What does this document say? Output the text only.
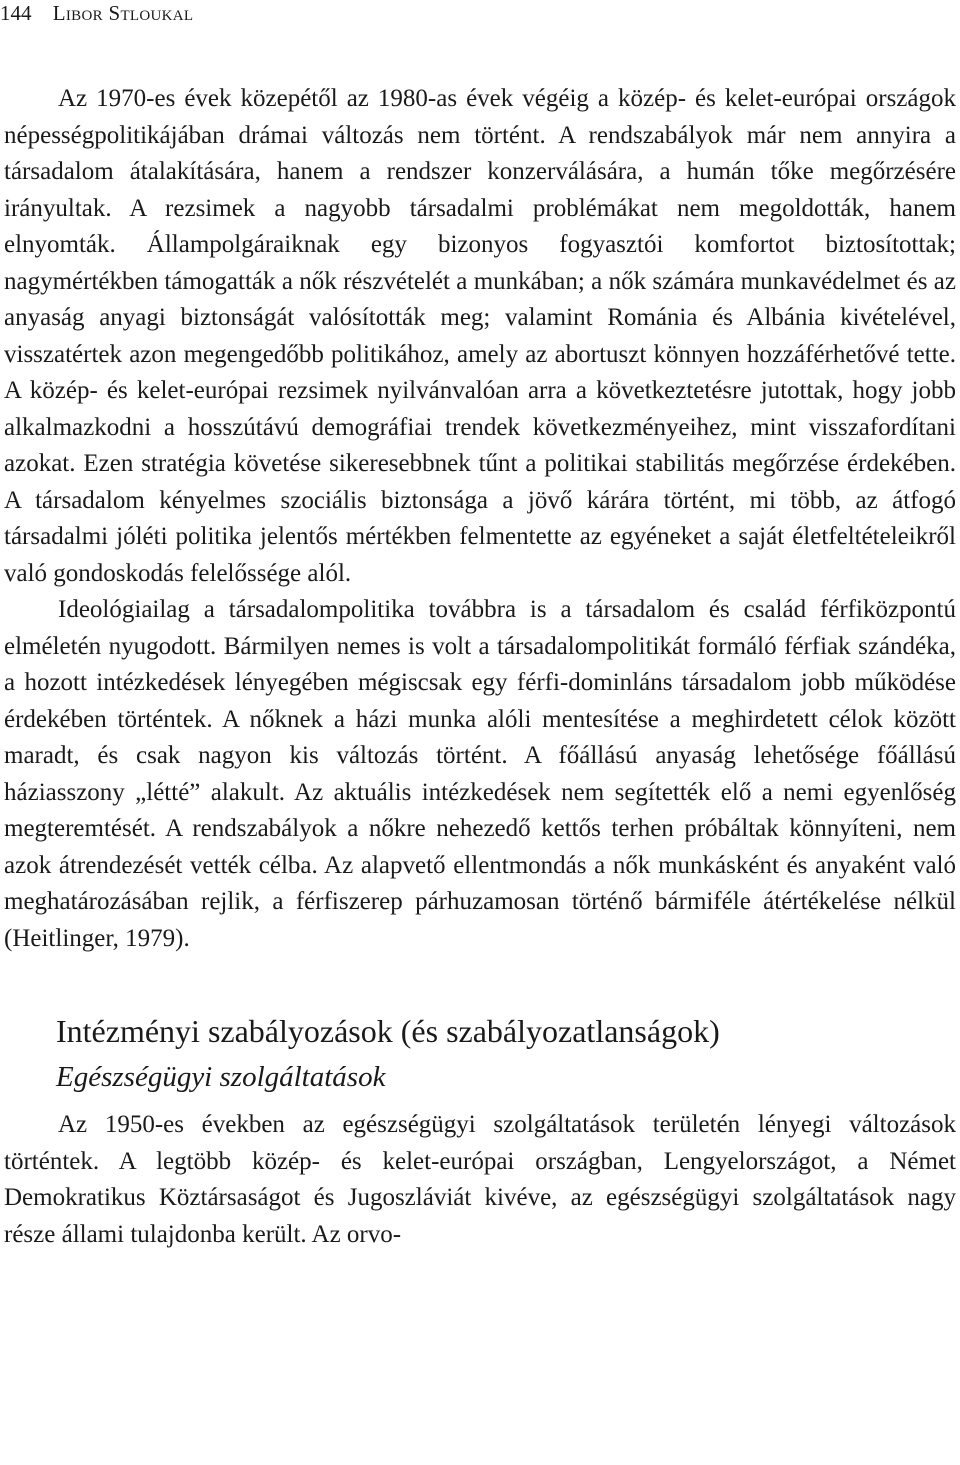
144 Libor Stloukal

Az 1970-es évek közepétől az 1980-as évek végéig a közép- és kelet-európai országok népességpolitikájában drámai változás nem történt. A rendszabályok már nem annyira a társadalom átalakítására, hanem a rendszer konzerválására, a humán tőke megőrzésére irányultak. A rezsimek a nagyobb társadalmi problémákat nem megoldották, hanem elnyomták. Állampolgáraiknak egy bizonyos fogyasztói komfortot biztosítottak; nagymértékben támogatták a nők részvételét a munkában; a nők számára munkavédelmet és az anyaság anyagi biztonságát valósították meg; valamint Románia és Albánia kivételével, visszatértek azon megengedőbb politikához, amely az abortuszt könnyen hozzáférhetővé tette. A közép- és kelet-európai rezsimek nyilvánvalóan arra a következtetésre jutottak, hogy jobb alkalmazkodni a hosszútávú demográfiai trendek következményeihez, mint visszafordítani azokat. Ezen stratégia követése sikeresebbnek tűnt a politikai stabilitás megőrzése érdekében. A társadalom kényelmes szociális biztonsága a jövő kárára történt, mi több, az átfogó társadalmi jóléti politika jelentős mértékben felmentette az egyéneket a saját életfeltételeikről való gondoskodás felelőssége alól.

Ideológiailag a társadalompolitika továbbra is a társadalom és család férfiközpontú elméletén nyugodott. Bármilyen nemes is volt a társadalompolitikát formáló férfiak szándéka, a hozott intézkedések lényegében mégiscsak egy férfi-dominláns társadalom jobb működése érdekében történtek. A nőknek a házi munka alóli mentesítése a meghirdetett célok között maradt, és csak nagyon kis változás történt. A főállású anyaság lehetősége főállású háziasszony „létté” alakult. Az aktuális intézkedések nem segítették elő a nemi egyenlőség megteremtését. A rendszabályok a nőkre nehezedő kettős terhen próbáltak könnyíteni, nem azok átrendezését vették célba. Az alapvető ellentmondás a nők munkásként és anyaként való meghatározásában rejlik, a férfiszerep párhuzamosan történő bármiféle átértékelése nélkül (Heitlinger, 1979).

Intézményi szabályozások (és szabályozatlanságok)
Egészségügyi szolgáltatások

Az 1950-es években az egészségügyi szolgáltatások területén lényegi változások történtek. A legtöbb közép- és kelet-európai országban, Lengyelországot, a Német Demokratikus Köztársaságot és Jugoszláviát kivéve, az egészségügyi szolgáltatások nagy része állami tulajdonba került. Az orvo-
